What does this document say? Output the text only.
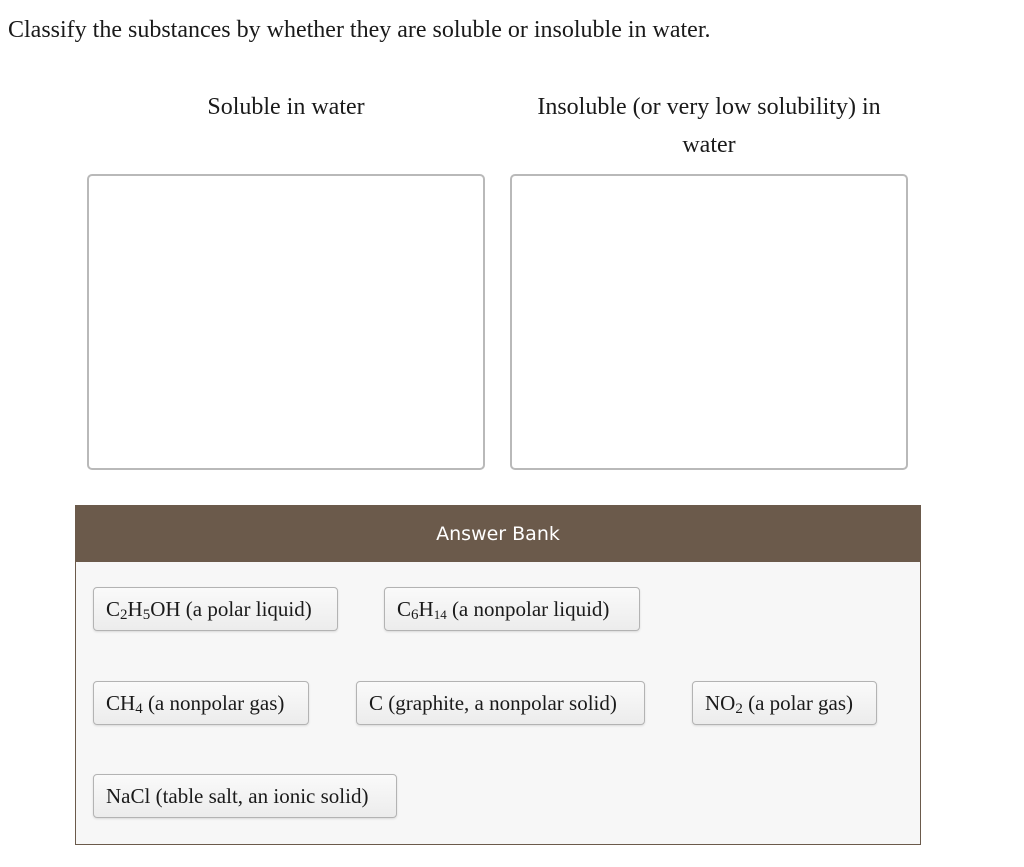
Classify the substances by whether they are soluble or insoluble in water.
Soluble in water	Insoluble (or very low solubility) in
water
Answer Bank
$C_2H_5OH$ (a polar liquid)	$C_6H_{14}$ (a nonpolar liquid)
$CH_4$ (a nonpolar gas)	C (graphite, a nonpolar solid)	$NO_2$ (a polar gas)
NaCl (table salt, an ionic solid)
